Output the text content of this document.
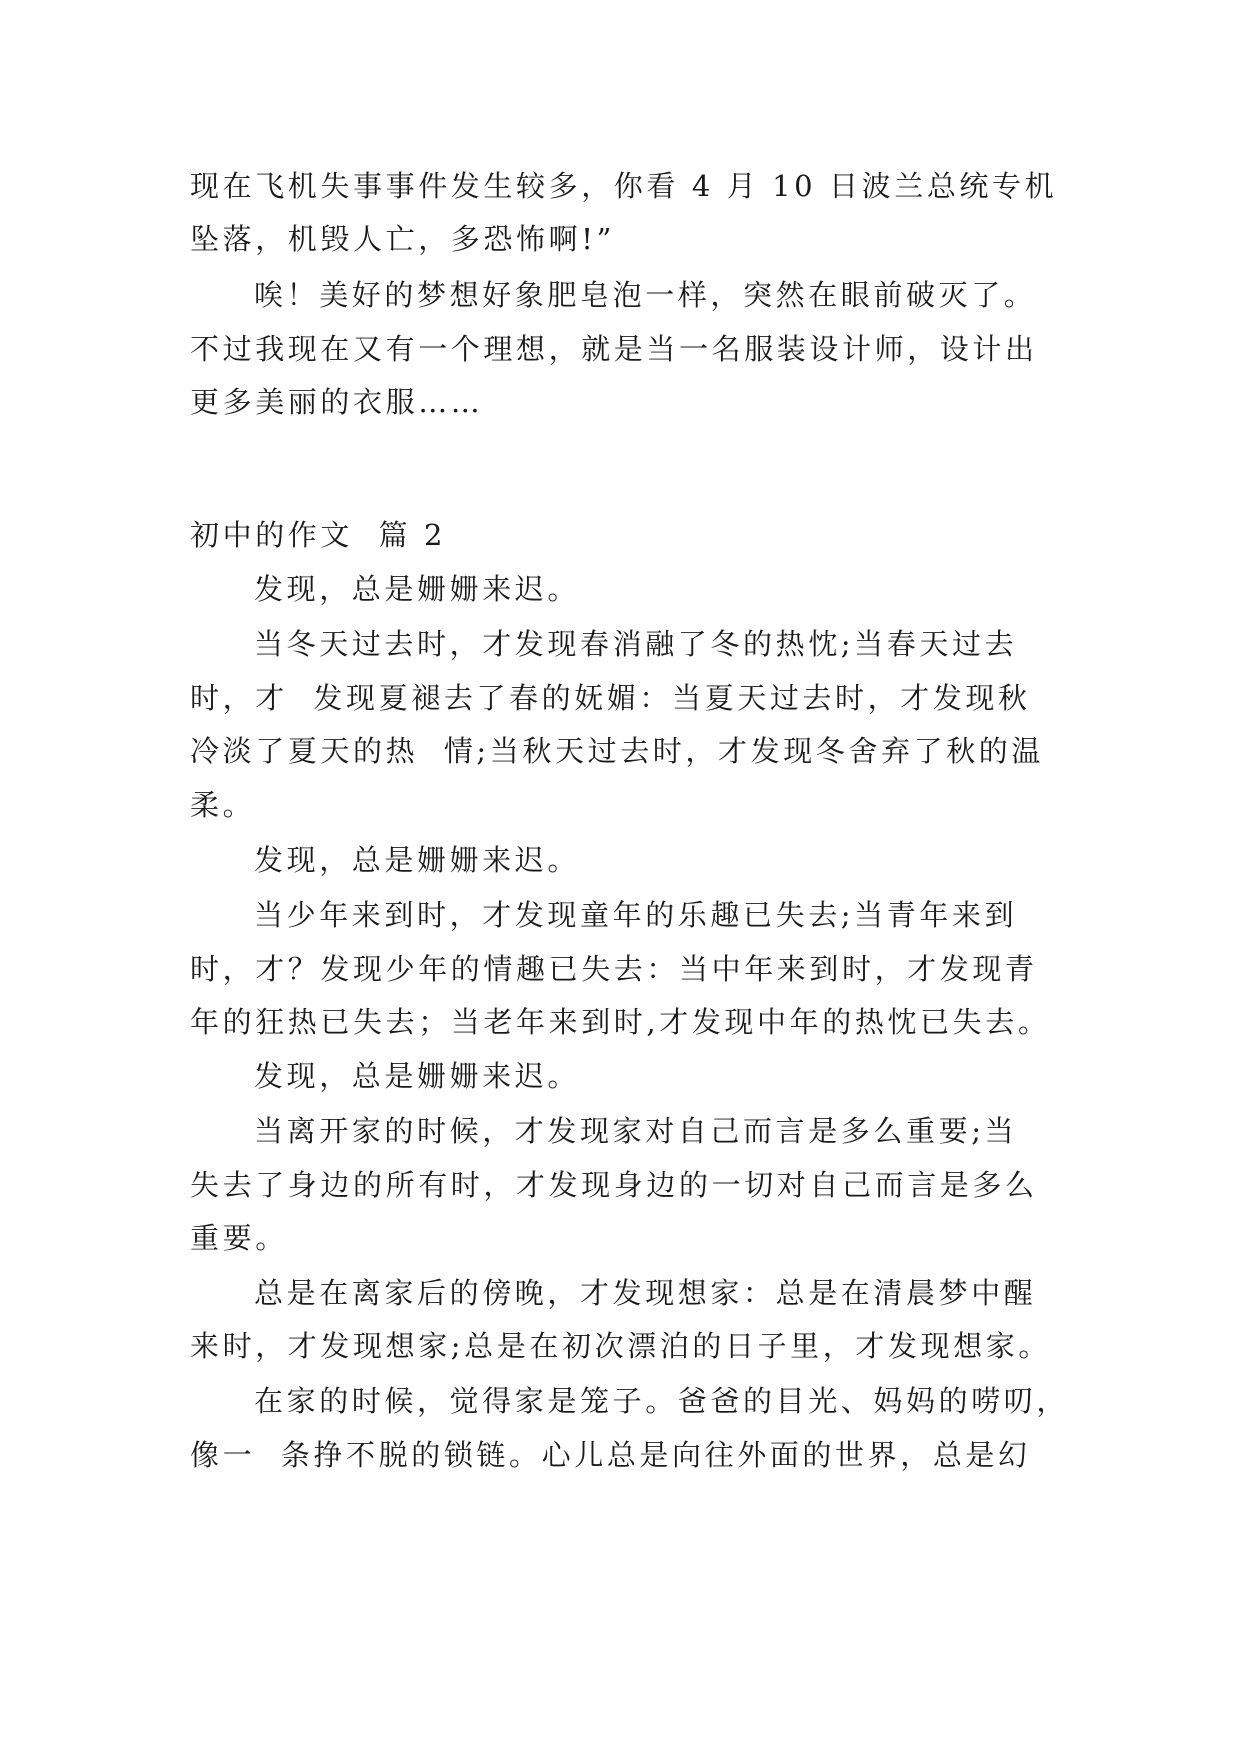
现在飞机失事事件发生较多，你看 4 月 10 日波兰总统专机
坠落，机毁人亡，多恐怖啊!”
唉！美好的梦想好象肥皂泡一样，突然在眼前破灭了。
不过我现在又有一个理想，就是当一名服装设计师，设计出
更多美丽的衣服……
初中的作文  篇 2
发现，总是姗姗来迟。
当冬天过去时，才发现春消融了冬的热忱;当春天过去
时，才  发现夏褪去了春的妩媚：当夏天过去时，才发现秋
冷淡了夏天的热  情;当秋天过去时，才发现冬舍弃了秋的温
柔。
发现，总是姗姗来迟。
当少年来到时，才发现童年的乐趣已失去;当青年来到
时，才？发现少年的情趣已失去：当中年来到时，才发现青
年的狂热已失去；当老年来到时,才发现中年的热忱已失去。
发现，总是姗姗来迟。
当离开家的时候，才发现家对自己而言是多么重要;当
失去了身边的所有时，才发现身边的一切对自己而言是多么
重要。
总是在离家后的傍晚，才发现想家：总是在清晨梦中醒
来时，才发现想家;总是在初次漂泊的日子里，才发现想家。
在家的时候，觉得家是笼子。爸爸的目光、妈妈的唠叨，
像一  条挣不脱的锁链。心儿总是向往外面的世界，总是幻
